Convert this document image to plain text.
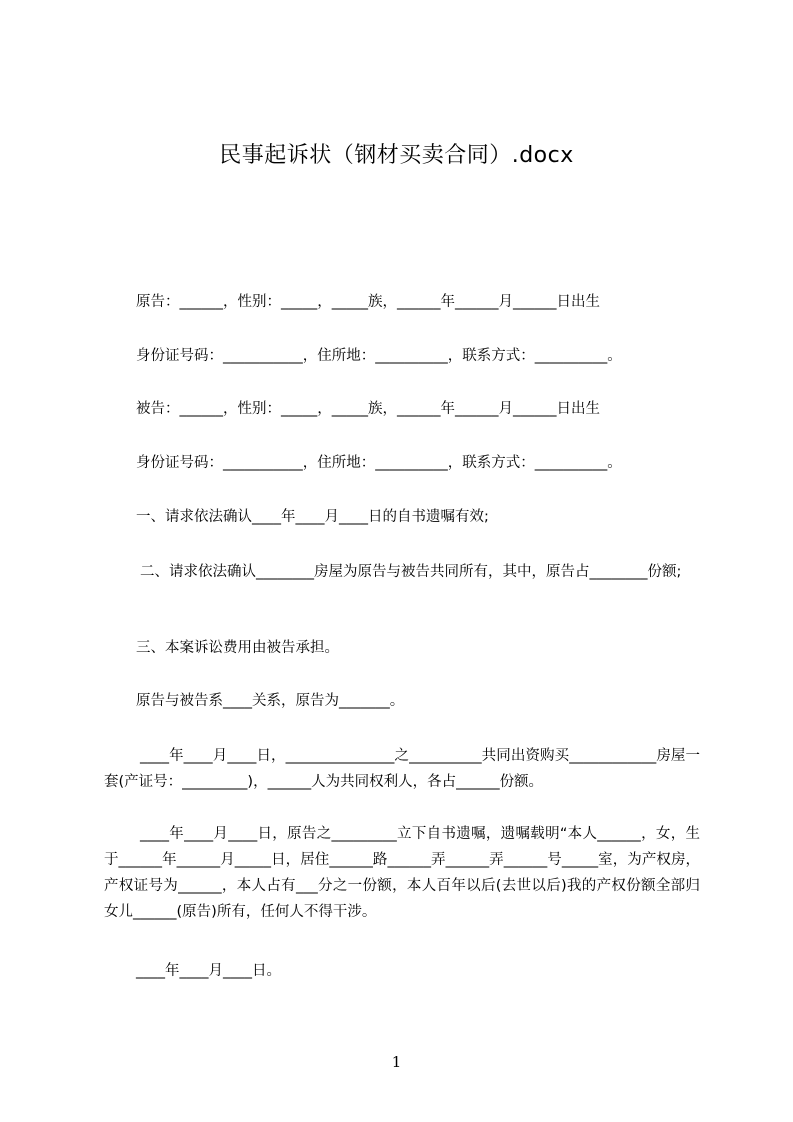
民事起诉状（钢材买卖合同）.docx
原告：______，性别：_____，_____族，______年______月______日出生
身份证号码：___________，住所地：__________，联系方式：__________。
被告：______，性别：_____，_____族，______年______月______日出生
身份证号码：___________，住所地：__________，联系方式：__________。
一、请求依法确认____年____月____日的自书遗嘱有效;
二、请求依法确认________房屋为原告与被告共同所有，其中，原告占________份额;
三、本案诉讼费用由被告承担。
原告与被告系____关系，原告为_______。
____年____月____日，_______________之__________共同出资购买____________房屋一套(产证号：_________)，______人为共同权利人，各占______份额。
____年____月____日，原告之_________立下自书遗嘱，遗嘱载明“本人______，女，生于______年______月_____日，居住______路______弄______弄______号_____室，为产权房，产权证号为______，本人占有___分之一份额，本人百年以后(去世以后)我的产权份额全部归女儿______(原告)所有，任何人不得干涉。
____年____月____日。
1
